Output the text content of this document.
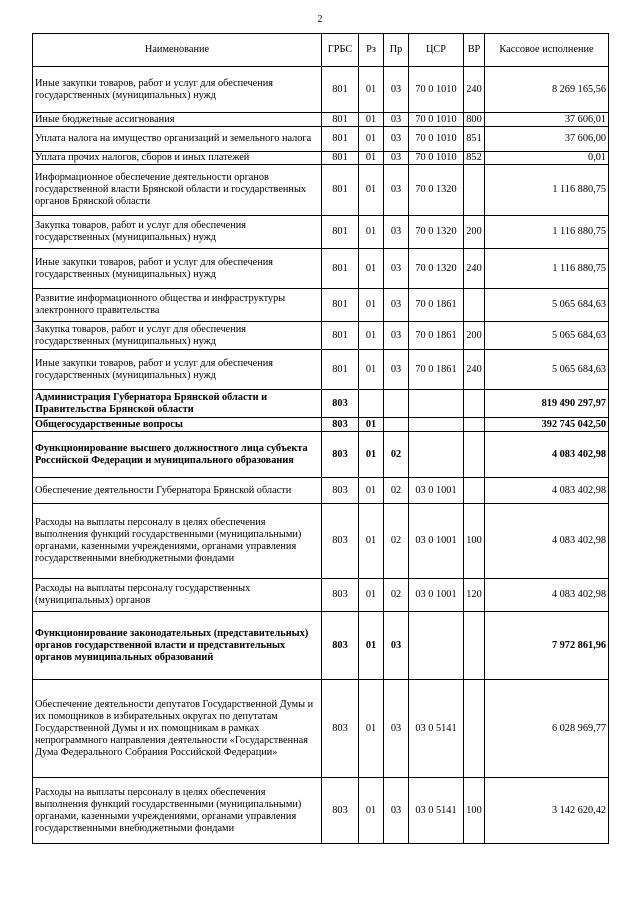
2
Наименование	ГРБС	Рз	Пр	ЦСР	ВР	Кассовое исполнение
Иные закупки товаров, работ и услуг для обеспечения государственных (муниципальных) нужд	801	01	03	70 0 1010	240	8 269 165,56
Иные бюджетные ассигнования	801	01	03	70 0 1010	800	37 606,01
Уплата налога на имущество организаций и земельного налога	801	01	03	70 0 1010	851	37 606,00
Уплата прочих налогов, сборов и иных платежей	801	01	03	70 0 1010	852	0,01
Информационное обеспечение деятельности органов государственной власти Брянской области и государственных органов Брянской области	801	01	03	70 0 1320		1 116 880,75
Закупка товаров, работ и услуг для обеспечения государственных (муниципальных) нужд	801	01	03	70 0 1320	200	1 116 880,75
Иные закупки товаров, работ и услуг для обеспечения государственных (муниципальных) нужд	801	01	03	70 0 1320	240	1 116 880,75
Развитие информационного общества и инфраструктуры электронного правительства	801	01	03	70 0 1861		5 065 684,63
Закупка товаров, работ и услуг для обеспечения государственных (муниципальных) нужд	801	01	03	70 0 1861	200	5 065 684,63
Иные закупки товаров, работ и услуг для обеспечения государственных (муниципальных) нужд	801	01	03	70 0 1861	240	5 065 684,63
Администрация Губернатора Брянской области и Правительства Брянской области	803					819 490 297,97
Общегосударственные вопросы	803	01				392 745 042,50
Функционирование высшего должностного лица субъекта Российской Федерации и муниципального образования	803	01	02			4 083 402,98
Обеспечение деятельности Губернатора Брянской области	803	01	02	03 0 1001		4 083 402,98
Расходы на выплаты персоналу в целях обеспечения выполнения функций государственными (муниципальными) органами, казенными учреждениями, органами управления государственными внебюджетными фондами	803	01	02	03 0 1001	100	4 083 402,98
Расходы на выплаты персоналу государственных (муниципальных) органов	803	01	02	03 0 1001	120	4 083 402,98
Функционирование законодательных (представительных) органов государственной власти и представительных органов муниципальных образований	803	01	03			7 972 861,96
Обеспечение деятельности депутатов Государственной Думы и их помощников в избирательных округах по депутатам Государственной Думы и их помощникам в рамках непрограммного направления деятельности «Государственная Дума Федерального Собрания Российской Федерации»	803	01	03	03 0 5141		6 028 969,77
Расходы на выплаты персоналу в целях обеспечения выполнения функций государственными (муниципальными) органами, казенными учреждениями, органами управления государственными внебюджетными фондами	803	01	03	03 0 5141	100	3 142 620,42
